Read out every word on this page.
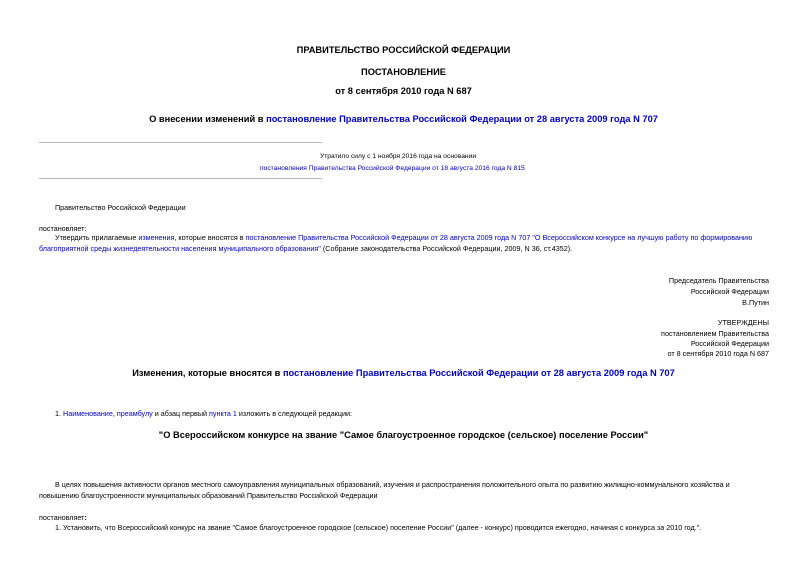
ПРАВИТЕЛЬСТВО РОССИЙСКОЙ ФЕДЕРАЦИИ
ПОСТАНОВЛЕНИЕ
от 8 сентября 2010 года N 687
О внесении изменений в постановление Правительства Российской Федерации от 28 августа 2009 года N 707
Утратило силу с 1 ноября 2016 года на основании
постановления Правительства Российской Федерации от 18 августа 2016 года N 815
Правительство Российской Федерации
постановляет:
Утвердить прилагаемые изменения, которые вносятся в постановление Правительства Российской Федерации от 28 августа 2009 года N 707 "О Всероссийском конкурсе на лучшую работу по формированию благоприятной среды жизнедеятельности населения муниципального образования" (Собрание законодательства Российской Федерации, 2009, N 36, ст.4352).
Председатель Правительства
Российской Федерации
В.Путин
УТВЕРЖДЕНЫ
постановлением Правительства
Российской Федерации
от 8 сентября 2010 года N 687
Изменения, которые вносятся в постановление Правительства Российской Федерации от 28 августа 2009 года N 707
1. Наименование, преамбулу и абзац первый пункта 1 изложить в следующей редакции:
"О Всероссийском конкурсе на звание "Самое благоустроенное городское (сельское) поселение России"
В целях повышения активности органов местного самоуправления муниципальных образований, изучения и распространения положительного опыта по развитию жилищно-коммунального хозяйства и повышению благоустроенности муниципальных образований Правительство Российской Федерации
постановляет:
1. Установить, что Всероссийский конкурс на звание "Самое благоустроенное городское (сельское) поселение России" (далее - конкурс) проводится ежегодно, начиная с конкурса за 2010 год.".
